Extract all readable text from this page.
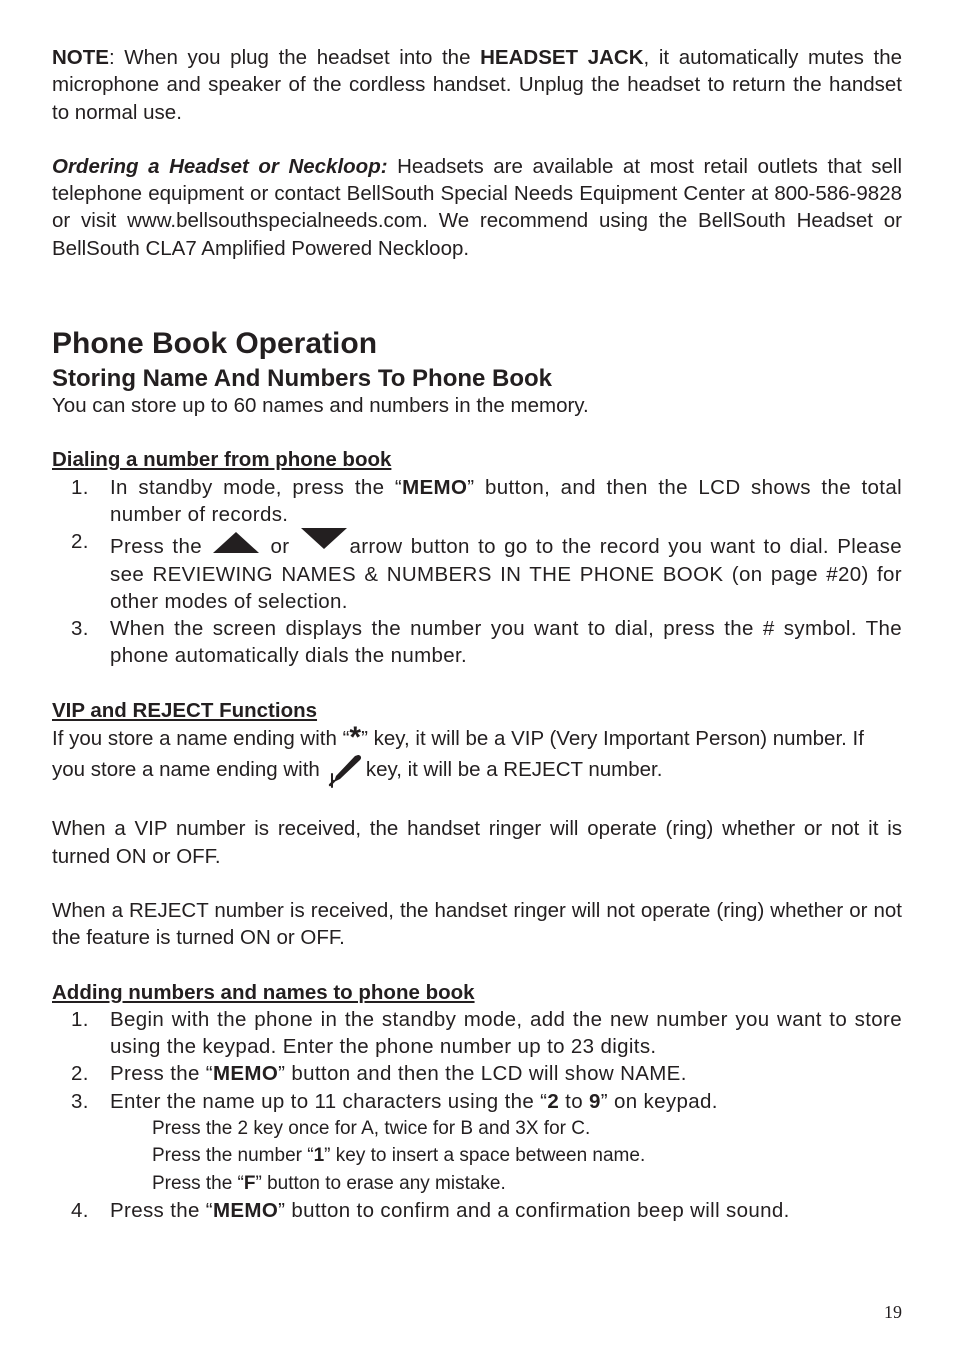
NOTE: When you plug the headset into the HEADSET JACK, it automatically mutes the microphone and speaker of the cordless handset. Unplug the headset to return the handset to normal use.

Ordering a Headset or Neckloop: Headsets are available at most retail outlets that sell telephone equipment or contact BellSouth Special Needs Equipment Center at 800-586-9828 or visit www.bellsouthspecialneeds.com. We recommend using the BellSouth Headset or BellSouth CLA7 Amplified Powered Neckloop.

Phone Book Operation
Storing Name And Numbers To Phone Book

You can store up to 60 names and numbers in the memory.

Dialing a number from phone book
1. In standby mode, press the “MEMO” button, and then the LCD shows the total number of records.
2. Press the	or	arrow button to go to the record you want to dial. Please see REVIEWING NAMES & NUMBERS IN THE PHONE BOOK (on page #20) for other modes of selection.
3. When the screen displays the number you want to dial, press the # symbol. The phone automatically dials the number.
VIP and REJECT Functions

If you store a name ending with “*” key, it will be a VIP (Very Important Person) number. If you store a name ending with key, it will be a REJECT number.

When a VIP number is received, the handset ringer will operate (ring) whether or not it is turned ON or OFF.

When a REJECT number is received, the handset ringer will not operate (ring) whether or not the feature is turned ON or OFF.

Adding numbers and names to phone book
1. Begin with the phone in the standby mode, add the new number you want to store using the keypad. Enter the phone number up to 23 digits.
2. Press the “MEMO” button and then the LCD will show NAME.
3. Enter the name up to 11 characters using the “2 to 9” on keypad.
Press the 2 key once for A, twice for B and 3X for C.
Press the number “1” key to insert a space between name.
Press the “F” button to erase any mistake.
4. Press the “MEMO” button to confirm and a confirmation beep will sound.
19
